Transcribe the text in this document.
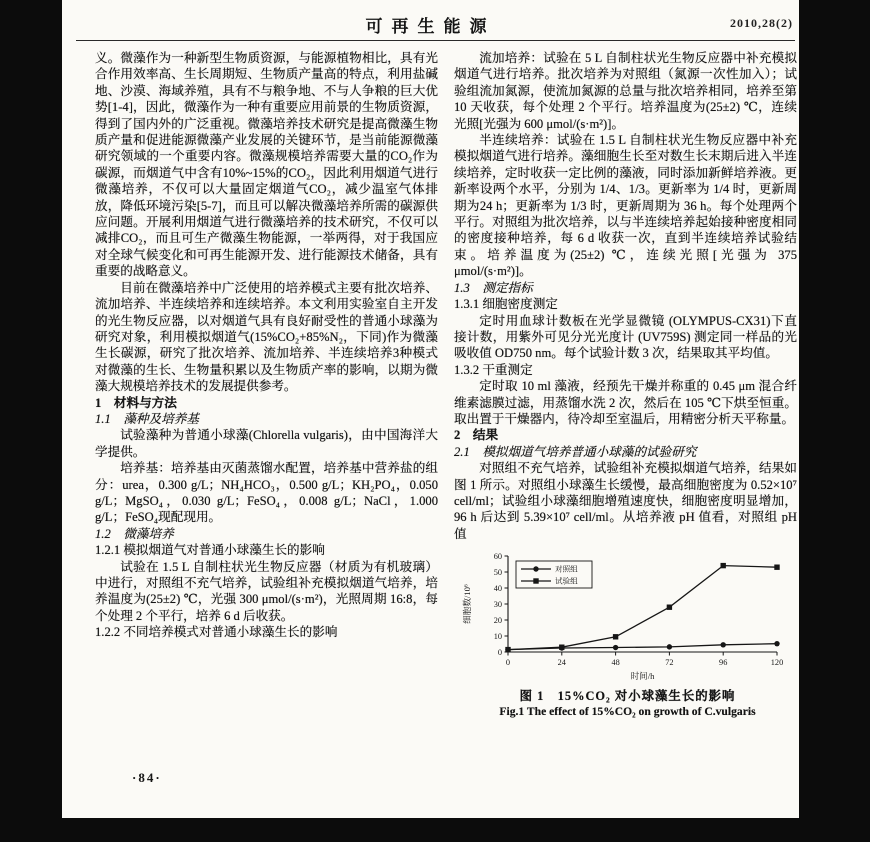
可再生能源	2010,28(2)

义。微藻作为一种新型生物质资源，与能源植物相比，具有光合作用效率高、生长周期短、生物质产量高的特点，利用盐碱地、沙漠、海域养殖，具有不与粮争地、不与人争粮的巨大优势[1-4]，因此，微藻作为一种有重要应用前景的生物质资源，得到了国内外的广泛重视。微藻培养技术研究是提高微藻生物质产量和促进能源微藻产业发展的关键环节，是当前能源微藻研究领域的一个重要内容。微藻规模培养需要大量的CO₂作为碳源，而烟道气中含有10%~15%的CO₂，因此利用烟道气进行微藻培养，不仅可以大量固定烟道气CO₂，减少温室气体排放，降低环境污染[5-7]，而且可以解决微藻培养所需的碳源供应问题。开展利用烟道气进行微藻培养的技术研究，不仅可以减排CO₂，而且可生产微藻生物能源，一举两得，对于我国应对全球气候变化和可再生能源开发、进行能源技术储备，具有重要的战略意义。

目前在微藻培养中广泛使用的培养模式主要有批次培养、流加培养、半连续培养和连续培养。本文利用实验室自主开发的光生物反应器，以对烟道气具有良好耐受性的普通小球藻为研究对象，利用模拟烟道气(15%CO₂+85%N₂，下同)作为微藻生长碳源，研究了批次培养、流加培养、半连续培养3种模式对微藻的生长、生物量积累以及生物质产率的影响，以期为微藻大规模培养技术的发展提供参考。

1　材料与方法
1.1　藻种及培养基

试验藻种为普通小球藻(Chlorella vulgaris)，由中国海洋大学提供。

培养基：培养基由灭菌蒸馏水配置，培养基中营养盐的组分：urea，0.300 g/L；NH₄HCO₃，0.500 g/L；KH₂PO₄，0.050 g/L；MgSO₄，0.030 g/L；FeSO₄，0.008 g/L；NaCl，1.000 g/L；FeSO₄现配现用。

1.2　微藻培养
1.2.1 模拟烟道气对普通小球藻生长的影响

试验在 1.5 L 自制柱状光生物反应器（材质为有机玻璃）中进行，对照组不充气培养，试验组补充模拟烟道气培养，培养温度为(25±2) ℃，光强 300 μmol/(s·m²)，光照周期 16:8，每个处理 2 个平行，培养 6 d 后收获。

1.2.2 不同培养模式对普通小球藻生长的影响

流加培养：试验在 5 L 自制柱状光生物反应器中补充模拟烟道气进行培养。批次培养为对照组（氮源一次性加入）；试验组流加氮源，使流加氮源的总量与批次培养相同，培养至第 10 天收获，每个处理 2 个平行。培养温度为(25±2) ℃，连续光照[光强为 600 μmol/(s·m²)]。

半连续培养：试验在 1.5 L 自制柱状光生物反应器中补充模拟烟道气进行培养。藻细胞生长至对数生长末期后进入半连续培养，定时收获一定比例的藻液，同时添加新鲜培养液。更新率设两个水平，分别为 1/4、1/3。更新率为 1/4 时，更新周期为24 h；更新率为 1/3 时，更新周期为 36 h。每个处理两个平行。对照组为批次培养，以与半连续培养起始接种密度相同的密度接种培养，每 6 d 收获一次，直到半连续培养试验结束。培养温度为(25±2) ℃，连续光照[光强为 375 μmol/(s·m²)]。

1.3　测定指标
1.3.1 细胞密度测定

定时用血球计数板在光学显微镜 (OLYMPUS-CX31)下直接计数，用紫外可见分光光度计 (UV759S) 测定同一样品的光吸收值 OD750 nm。每个试验计数 3 次，结果取其平均值。

1.3.2 干重测定

定时取 10 ml 藻液，经预先干燥并称重的 0.45 μm 混合纤维素滤膜过滤，用蒸馏水洗 2 次，然后在 105 ℃下烘至恒重。取出置于干燥器内，待冷却至室温后，用精密分析天平称量。

2　结果
2.1　模拟烟道气培养普通小球藻的试验研究

对照组不充气培养，试验组补充模拟烟道气培养，结果如图 1 所示。对照组小球藻生长缓慢，最高细胞密度为 0.52×10⁷ cell/ml；试验组小球藻细胞增殖速度快，细胞密度明显增加，96 h 后达到 5.39×10⁷ cell/ml。从培养液 pH 值看，对照组 pH 值

0
10
20
30
40
50
60
0	24	48	72	96	120
时间/h
细胞数/10⁶
对照组
试验组
图 1　15%CO₂ 对小球藻生长的影响
Fig.1 The effect of 15%CO₂ on growth of C.vulgaris
·84·
